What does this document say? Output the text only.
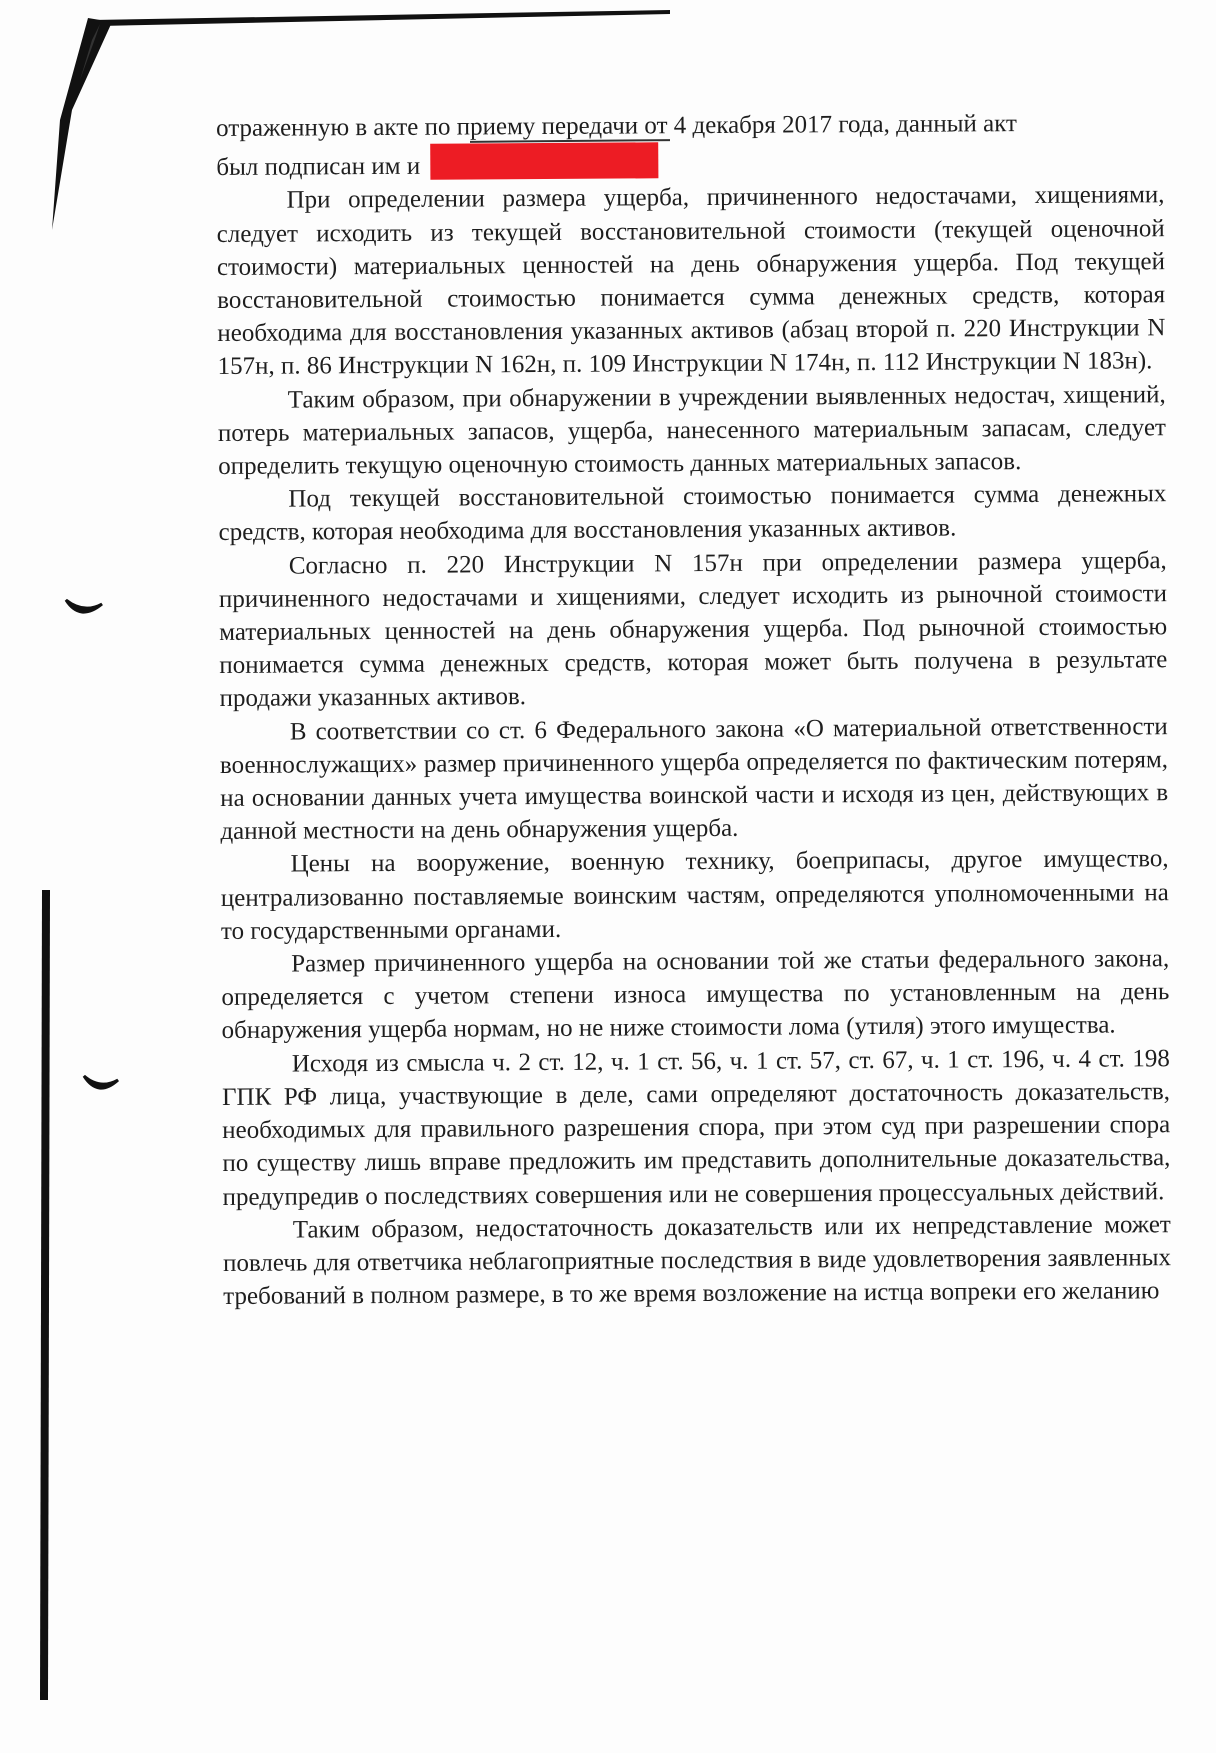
отраженную в акте по приему передачи от 4 декабря 2017 года, данный акт

был подписан им и

При определении размера ущерба, причиненного недостачами, хищениями, следует исходить из текущей восстановительной стоимости (текущей оценочной стоимости) материальных ценностей на день обнаружения ущерба. Под текущей восстановительной стоимостью понимается сумма денежных средств, которая необходима для восстановления указанных активов (абзац второй п. 220 Инструкции N 157н, п. 86 Инструкции N 162н, п. 109 Инструкции N 174н, п. 112 Инструкции N 183н).

Таким образом, при обнаружении в учреждении выявленных недостач, хищений, потерь материальных запасов, ущерба, нанесенного материальным запасам, следует определить текущую оценочную стоимость данных материальных запасов.

Под текущей восстановительной стоимостью понимается сумма денежных средств, которая необходима для восстановления указанных активов.

Согласно п. 220 Инструкции N 157н при определении размера ущерба, причиненного недостачами и хищениями, следует исходить из рыночной стоимости материальных ценностей на день обнаружения ущерба. Под рыночной стоимостью понимается сумма денежных средств, которая может быть получена в результате продажи указанных активов.

В соответствии со ст. 6 Федерального закона «О материальной ответственности военнослужащих» размер причиненного ущерба определяется по фактическим потерям, на основании данных учета имущества воинской части и исходя из цен, действующих в данной местности на день обнаружения ущерба.

Цены на вооружение, военную технику, боеприпасы, другое имущество, централизованно поставляемые воинским частям, определяются уполномоченными на то государственными органами.

Размер причиненного ущерба на основании той же статьи федерального закона, определяется с учетом степени износа имущества по установленным на день обнаружения ущерба нормам, но не ниже стоимости лома (утиля) этого имущества.

Исходя из смысла ч. 2 ст. 12, ч. 1 ст. 56, ч. 1 ст. 57, ст. 67, ч. 1 ст. 196, ч. 4 ст. 198 ГПК РФ лица, участвующие в деле, сами определяют достаточность доказательств, необходимых для правильного разрешения спора, при этом суд при разрешении спора по существу лишь вправе предложить им представить дополнительные доказательства, предупредив о последствиях совершения или не совершения процессуальных действий.

Таким образом, недостаточность доказательств или их непредставление может повлечь для ответчика неблагоприятные последствия в виде удовлетворения заявленных требований в полном размере, в то же время возложение на истца вопреки его желанию
